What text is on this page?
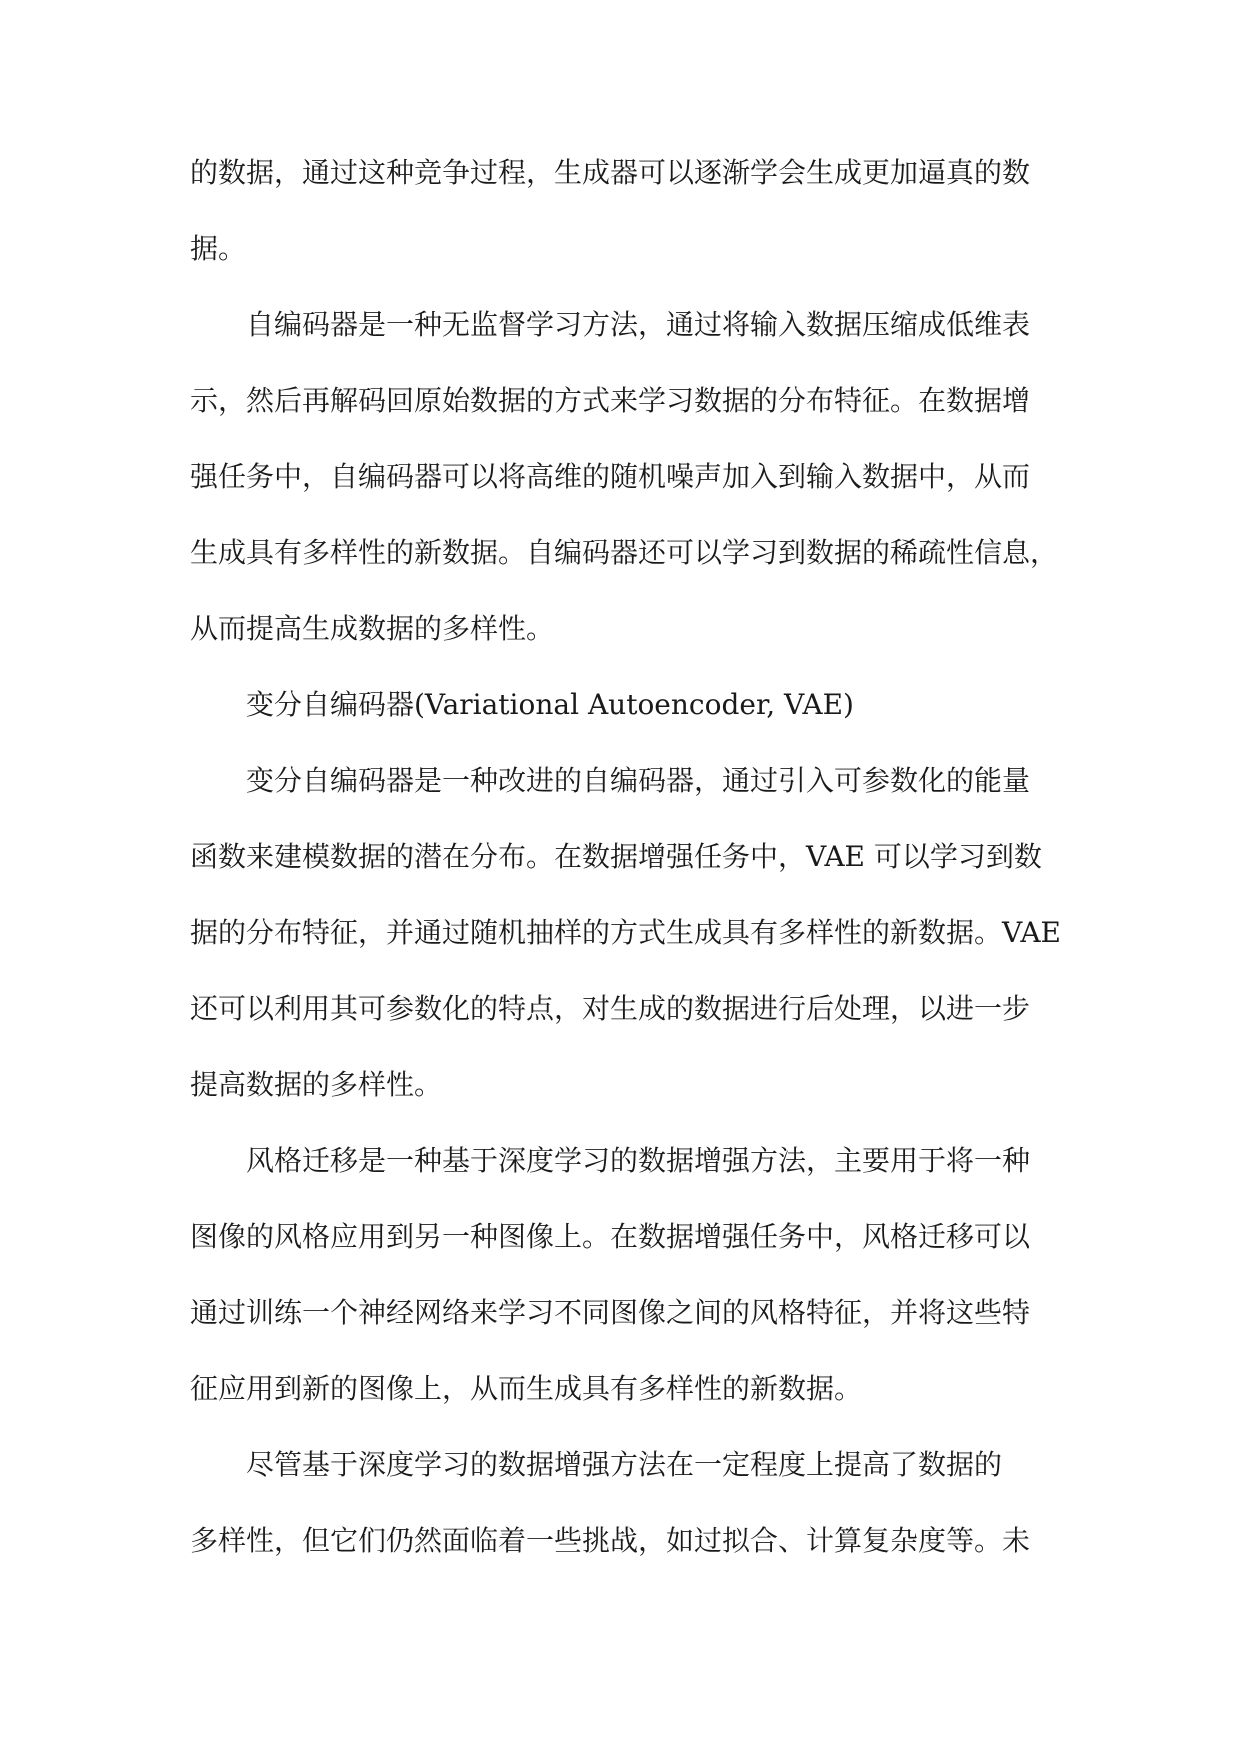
的数据，通过这种竞争过程，生成器可以逐渐学会生成更加逼真的数
据。

自编码器是一种无监督学习方法，通过将输入数据压缩成低维表
示，然后再解码回原始数据的方式来学习数据的分布特征。在数据增
强任务中，自编码器可以将高维的随机噪声加入到输入数据中，从而
生成具有多样性的新数据。自编码器还可以学习到数据的稀疏性信息，
从而提高生成数据的多样性。

变分自编码器(Variational Autoencoder, VAE)

变分自编码器是一种改进的自编码器，通过引入可参数化的能量
函数来建模数据的潜在分布。在数据增强任务中，VAE 可以学习到数
据的分布特征，并通过随机抽样的方式生成具有多样性的新数据。VAE
还可以利用其可参数化的特点，对生成的数据进行后处理，以进一步
提高数据的多样性。

风格迁移是一种基于深度学习的数据增强方法，主要用于将一种
图像的风格应用到另一种图像上。在数据增强任务中，风格迁移可以
通过训练一个神经网络来学习不同图像之间的风格特征，并将这些特
征应用到新的图像上，从而生成具有多样性的新数据。

尽管基于深度学习的数据增强方法在一定程度上提高了数据的
多样性，但它们仍然面临着一些挑战，如过拟合、计算复杂度等。未
